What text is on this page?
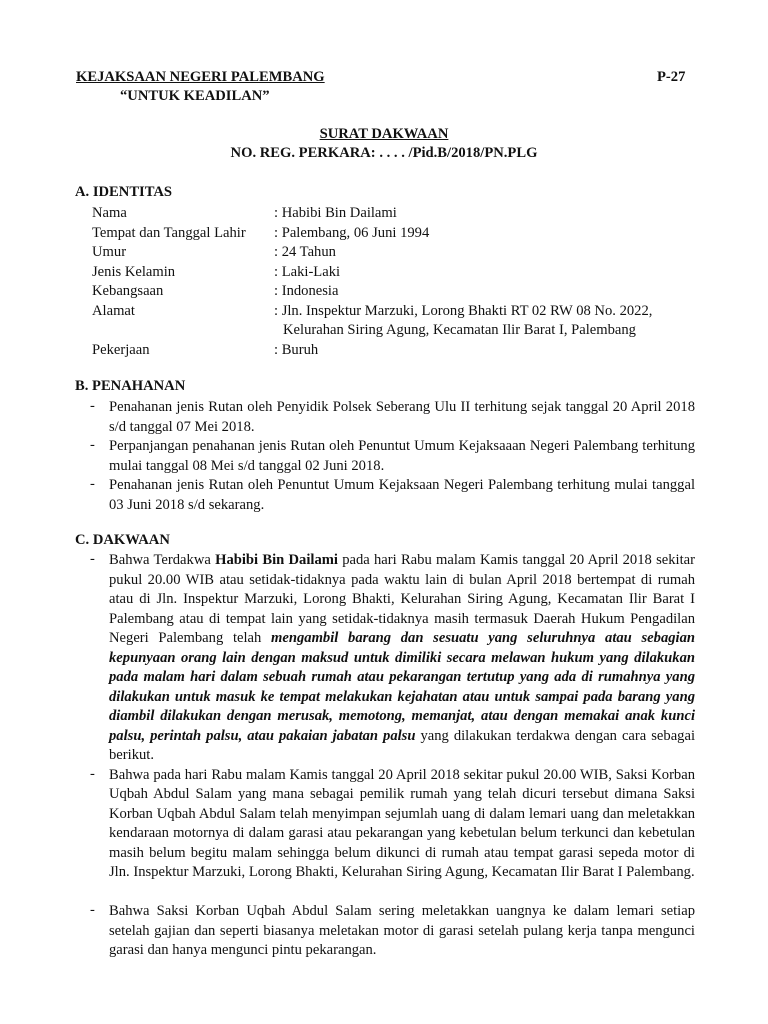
KEJAKSAAN NEGERI PALEMBANG	P-27
“UNTUK KEADILAN”
SURAT DAKWAAN
NO. REG. PERKARA: . . . . /Pid.B/2018/PN.PLG
A. IDENTITAS
Nama	: Habibi Bin Dailami
Tempat dan Tanggal Lahir : Palembang, 06 Juni 1994
Umur	: 24 Tahun
Jenis Kelamin	: Laki-Laki
Kebangsaan	: Indonesia
Alamat	: Jln. Inspektur Marzuki, Lorong Bhakti RT 02 RW 08 No. 2022,
Kelurahan Siring Agung, Kecamatan Ilir Barat I, Palembang
Pekerjaan	: Buruh
B. PENAHANAN
- Penahanan jenis Rutan oleh Penyidik Polsek Seberang Ulu II terhitung sejak tanggal 20 April 2018 s/d tanggal 07 Mei 2018.
- Perpanjangan penahanan jenis Rutan oleh Penuntut Umum Kejaksaaan Negeri Palembang terhitung mulai tanggal 08 Mei s/d tanggal 02 Juni 2018.
- Penahanan jenis Rutan oleh Penuntut Umum Kejaksaan Negeri Palembang terhitung mulai tanggal 03 Juni 2018 s/d sekarang.
C. DAKWAAN
- Bahwa Terdakwa Habibi Bin Dailami pada hari Rabu malam Kamis tanggal 20 April 2018 sekitar pukul 20.00 WIB atau setidak-tidaknya pada waktu lain di bulan April 2018 bertempat di rumah atau di Jln. Inspektur Marzuki, Lorong Bhakti, Kelurahan Siring Agung, Kecamatan Ilir Barat I Palembang atau di tempat lain yang setidak-tidaknya masih termasuk Daerah Hukum Pengadilan Negeri Palembang telah mengambil barang dan sesuatu yang seluruhnya atau sebagian kepunyaan orang lain dengan maksud untuk dimiliki secara melawan hukum yang dilakukan pada malam hari dalam sebuah rumah atau pekarangan tertutup yang ada di rumahnya yang dilakukan untuk masuk ke tempat melakukan kejahatan atau untuk sampai pada barang yang diambil dilakukan dengan merusak, memotong, memanjat, atau dengan memakai anak kunci palsu, perintah palsu, atau pakaian jabatan palsu yang dilakukan terdakwa dengan cara sebagai berikut.
- Bahwa pada hari Rabu malam Kamis tanggal 20 April 2018 sekitar pukul 20.00 WIB, Saksi Korban Uqbah Abdul Salam yang mana sebagai pemilik rumah yang telah dicuri tersebut dimana Saksi Korban Uqbah Abdul Salam telah menyimpan sejumlah uang di dalam lemari uang dan meletakkan kendaraan motornya di dalam garasi atau pekarangan yang kebetulan belum terkunci dan kebetulan masih belum begitu malam sehingga belum dikunci di rumah atau tempat garasi sepeda motor di Jln. Inspektur Marzuki, Lorong Bhakti, Kelurahan Siring Agung, Kecamatan Ilir Barat I Palembang.
- Bahwa Saksi Korban Uqbah Abdul Salam sering meletakkan uangnya ke dalam lemari setiap setelah gajian dan seperti biasanya meletakan motor di garasi setelah pulang kerja tanpa mengunci garasi dan hanya mengunci pintu pekarangan.
